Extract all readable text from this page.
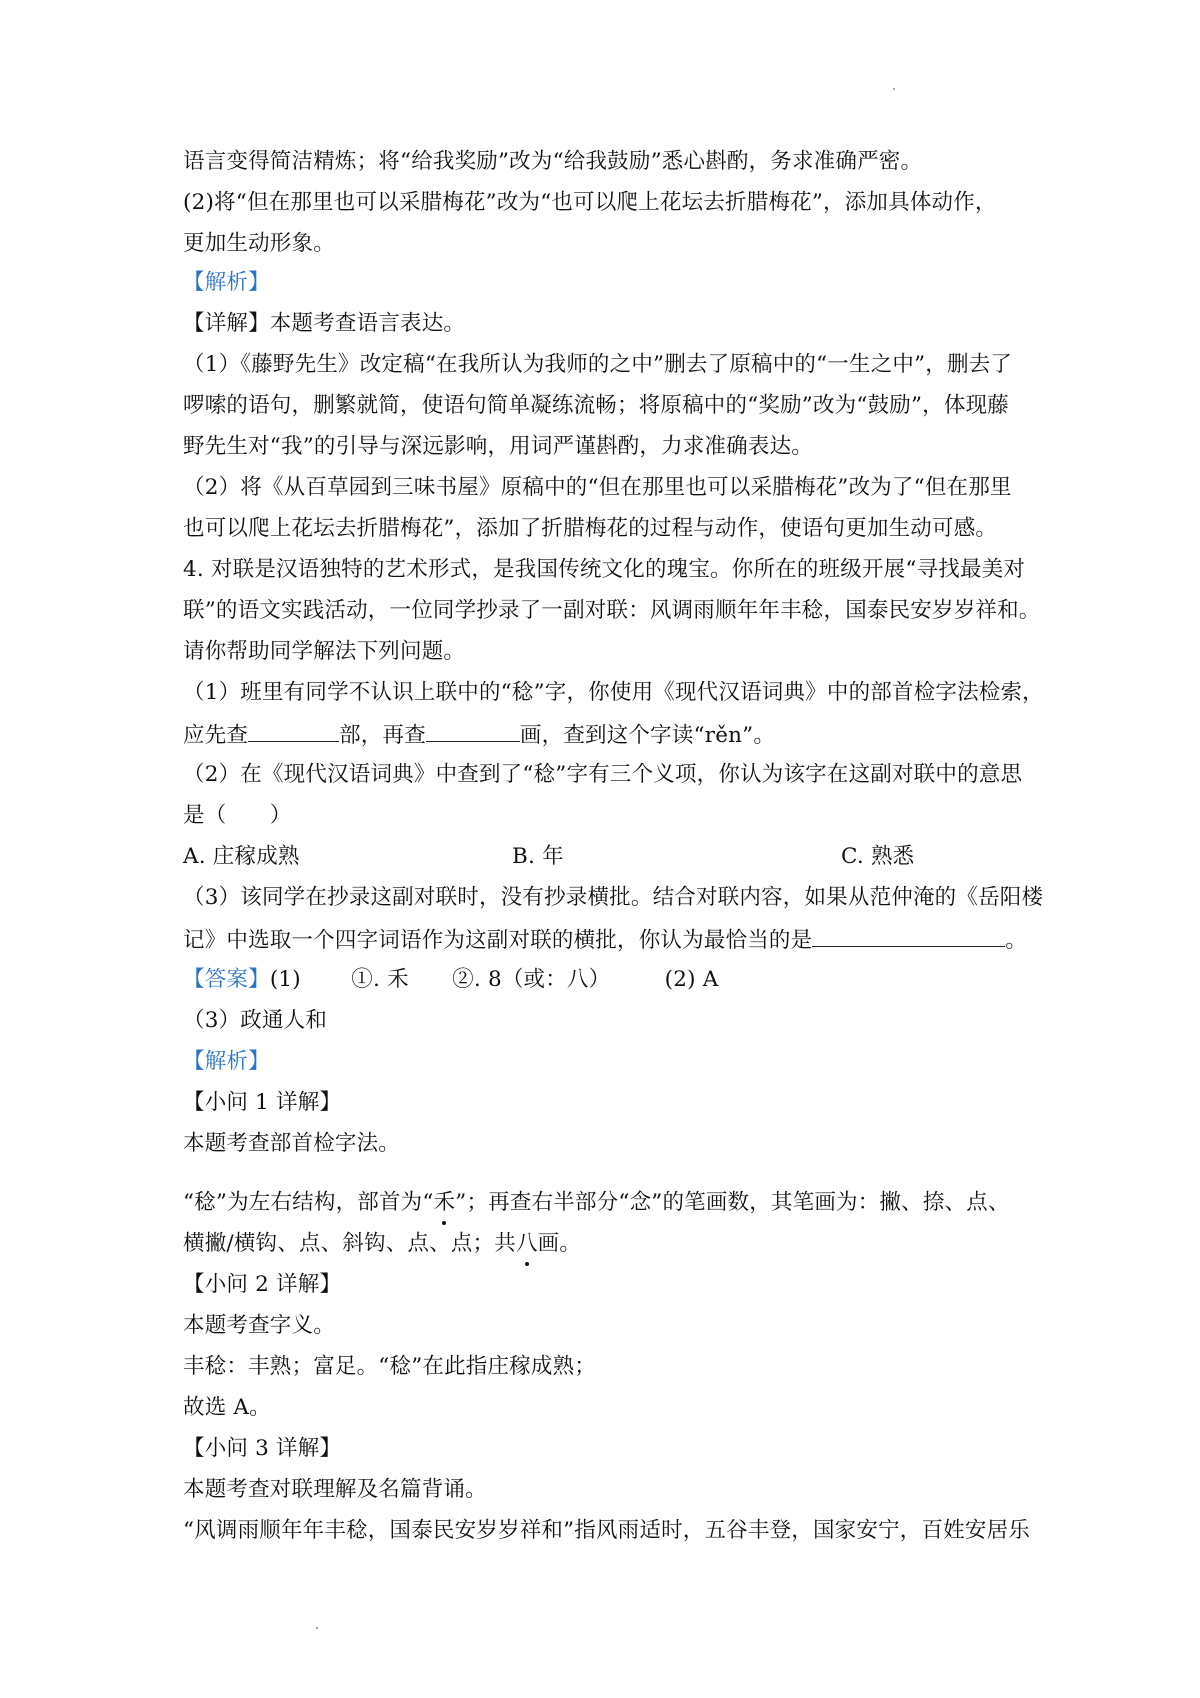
语言变得简洁精炼；将“给我奖励”改为“给我鼓励”悉心斟酌，务求准确严密。
(2)将“但在那里也可以采腊梅花”改为“也可以爬上花坛去折腊梅花”，添加具体动作，
更加生动形象。
【解析】
【详解】本题考查语言表达。
（1）《藤野先生》改定稿“在我所认为我师的之中”删去了原稿中的“一生之中”，删去了
啰嗦的语句，删繁就简，使语句简单凝练流畅；将原稿中的“奖励”改为“鼓励”，体现藤
野先生对“我”的引导与深远影响，用词严谨斟酌，力求准确表达。
（2）将《从百草园到三味书屋》原稿中的“但在那里也可以采腊梅花”改为了“但在那里
也可以爬上花坛去折腊梅花”，添加了折腊梅花的过程与动作，使语句更加生动可感。
4. 对联是汉语独特的艺术形式，是我国传统文化的瑰宝。你所在的班级开展“寻找最美对
联”的语文实践活动，一位同学抄录了一副对联：风调雨顺年年丰稔，国泰民安岁岁祥和。
请你帮助同学解法下列问题。
（1）班里有同学不认识上联中的“稔”字，你使用《现代汉语词典》中的部首检字法检索，
应先查	部，再查	画，查到这个字读“rěn”。
（2）在《现代汉语词典》中查到了“稔”字有三个义项，你认为该字在这副对联中的意思
是（　　）
A. 庄稼成熟	B. 年	C. 熟悉
（3）该同学在抄录这副对联时，没有抄录横批。结合对联内容，如果从范仲淹的《岳阳楼
记》中选取一个四字词语作为这副对联的横批，你认为最恰当的是	。
【答案】(1)　　 ①. 禾　　②. 8（或：八）　　　(2) A
（3）政通人和
【解析】
【小问 1 详解】
本题考查部首检字法。
“稔”为左右结构，部首为“禾”；再查右半部分“念”的笔画数，其笔画为：撇、捺、点、
横撇/横钩、点、斜钩、点、点；共八画。
【小问 2 详解】
本题考查字义。
丰稔：丰熟；富足。“稔”在此指庄稼成熟；
故选 A。
【小问 3 详解】
本题考查对联理解及名篇背诵。
“风调雨顺年年丰稔，国泰民安岁岁祥和”指风雨适时，五谷丰登，国家安宁，百姓安居乐
